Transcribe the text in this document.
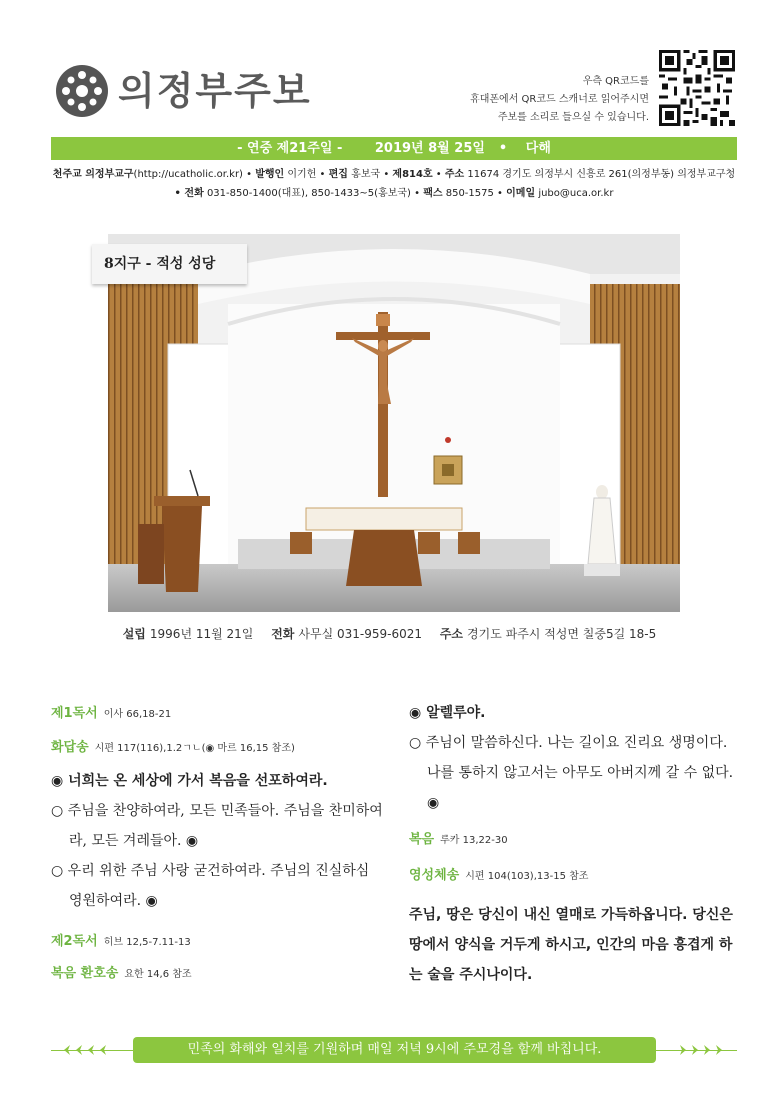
의정부주보	우측 QR코드를
휴대폰에서 QR코드 스캐너로 읽어주시면
주보를 소리로 들으실 수 있습니다.
- 연중 제21주일 -	2019년 8월 25일 • 다해
천주교 의정부교구(http://ucatholic.or.kr) • 발행인 이기헌 • 편집 홍보국 • 제814호 • 주소 11674 경기도 의정부시 신흥로 261(의정부동) 의정부교구청
• 전화 031-850-1400(대표), 850-1433~5(홍보국) • 팩스 850-1575 • 이메일 jubo@uca.or.kr
8지구 - 적성 성당
설립 1996년 11월 21일 전화 사무실 031-959-6021 주소 경기도 파주시 적성면 칠중5길 18-5
제1독서 이사 66,18-21
화답송 시편 117(116),1.2ㄱㄴ(◉ 마르 16,15 참조)
◉ 너희는 온 세상에 가서 복음을 선포하여라.
○ 주님을 찬양하여라, 모든 민족들아. 주님을 찬미하여라, 모든 겨레들아. ◉
○ 우리 위한 주님 사랑 굳건하여라. 주님의 진실하심 영원하여라. ◉
제2독서 히브 12,5-7.11-13
복음 환호송 요한 14,6 참조
◉ 알렐루야.
○ 주님이 말씀하신다. 나는 길이요 진리요 생명이다. 나를 통하지 않고서는 아무도 아버지께 갈 수 없다. ◉
복음 루카 13,22-30
영성체송 시편 104(103),13-15 참조
주님, 땅은 당신이 내신 열매로 가득하옵니다. 당신은 땅에서 양식을 거두게 하시고, 인간의 마음 흥겹게 하는 술을 주시나이다.
민족의 화해와 일치를 기원하며 매일 저녁 9시에 주모경을 함께 바칩니다.
